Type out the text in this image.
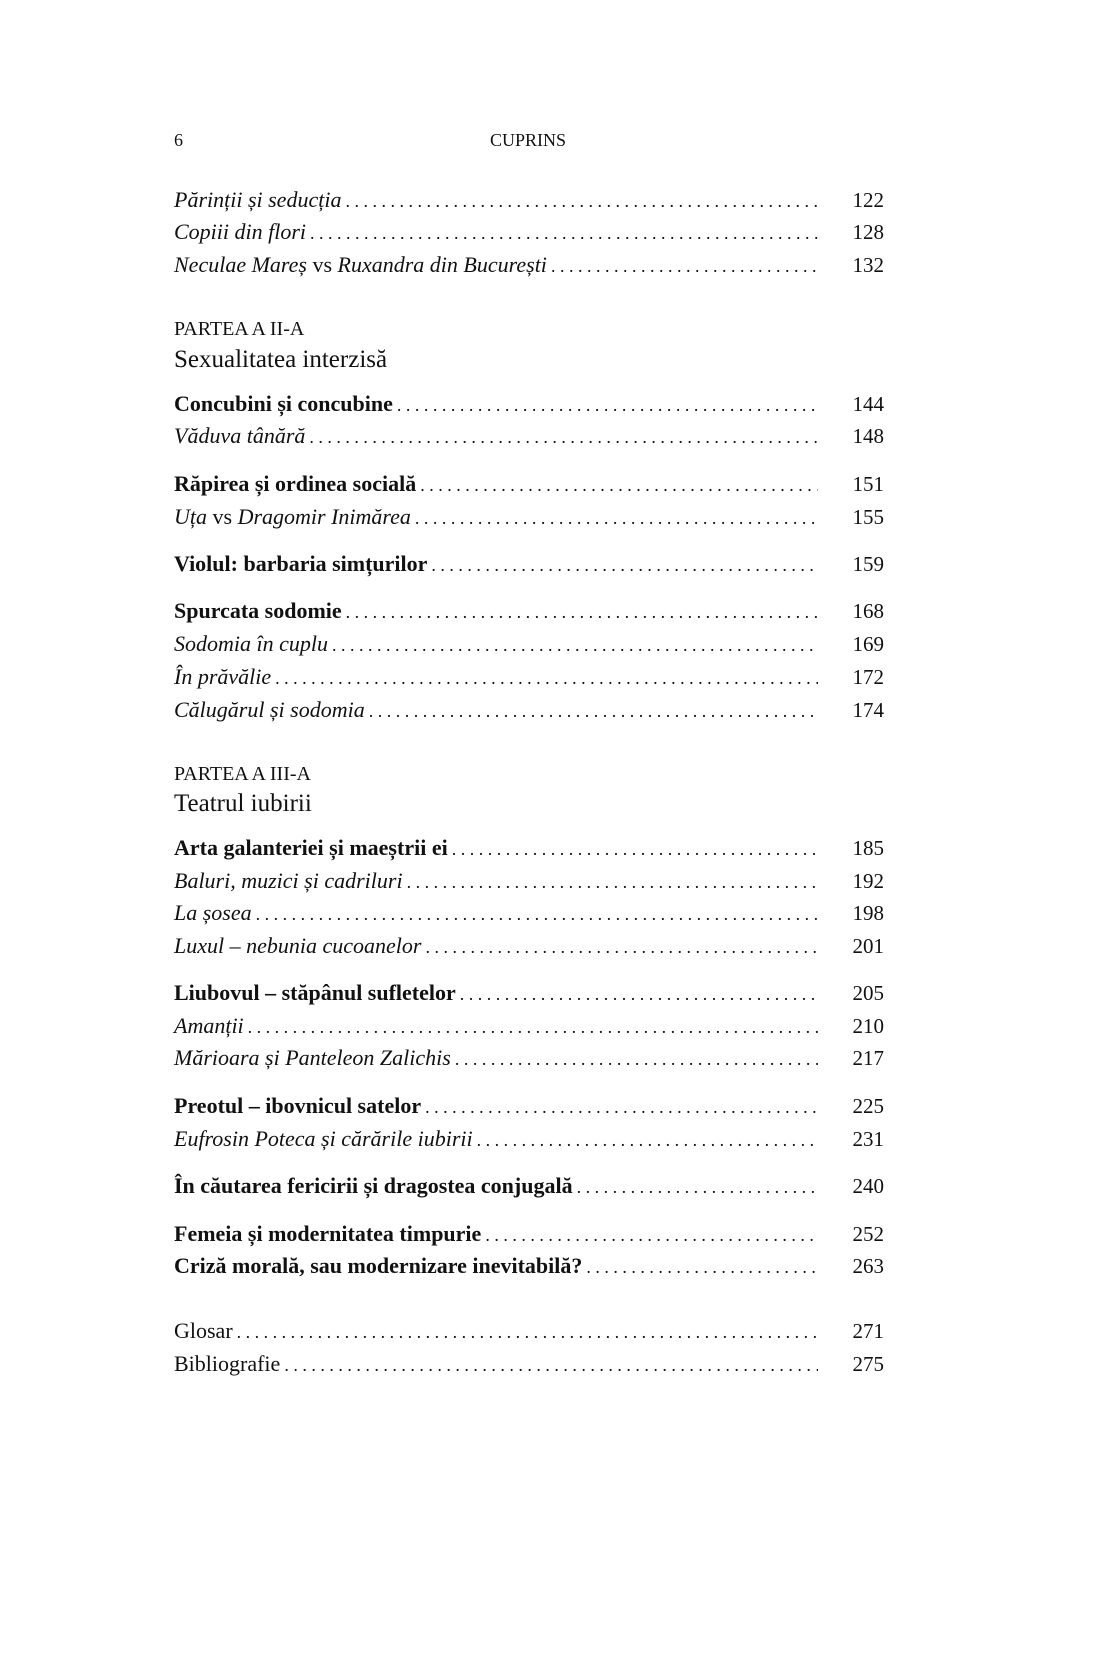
6	CUPRINS
PARTEA A II-A
Sexualitatea interzisă
PARTEA A III-A
Teatrul iubirii
Părinții și seducția . . .	122
Copiii din flori . . .	128
Neculae Mareș vs Ruxandra din București . . .	132
Concubini și concubine . . .	144
Văduva tânără . . .	148
Răpirea și ordinea socială . . .	151
Uța vs Dragomir Inimărea . . .	155
Violul: barbaria simțurilor . . .	159
Spurcata sodomie . . .	168
Sodomia în cuplu . . .	169
În prăvălie . . .	172
Călugărul și sodomia . . .	174
Arta galanteriei și maeștrii ei . . .	185
Baluri, muzici și cadriluri . . .	192
La șosea . . .	198
Luxul – nebunia cucoanelor . . .	201
Liubovul – stăpânul sufletelor . . .	205
Amanții . . .	210
Mărioara și Panteleon Zalichis . . .	217
Preotul – ibovnicul satelor . . .	225
Eufrosin Poteca și cărările iubirii . . .	231
În căutarea fericirii și dragostea conjugală . . .	240
Femeia și modernitatea timpurie . . .	252
Criză morală, sau modernizare inevitabilă? . . .	263
Glosar . . .	271
Bibliografie . . .	275
